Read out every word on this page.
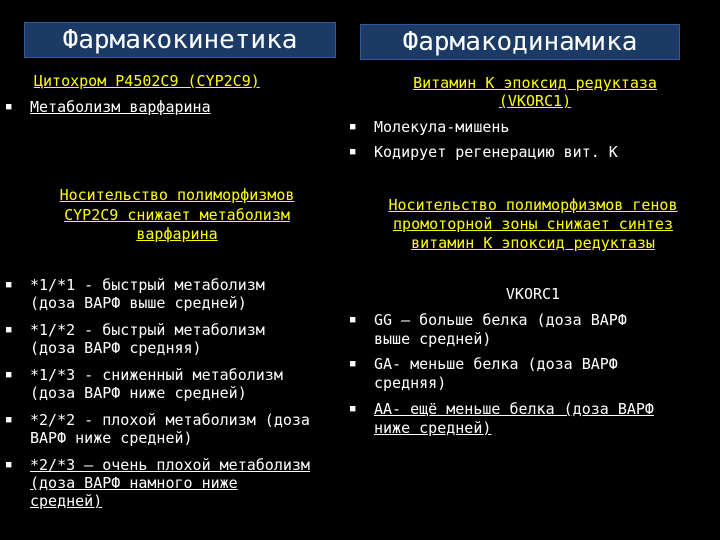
Фармакокинетика	Фармакодинамика
Цитохром P4502C9 (CYP2C9)
■ Метаболизм варфарина
Носительство полиморфизмов
CYP2C9 снижает метаболизм
варфарина
■ *1/*1 - быстрый метаболизм
(доза ВАРФ выше средней)
■ *1/*2 - быстрый метаболизм
(доза ВАРФ средняя)
■ *1/*3 - сниженный метаболизм
(доза ВАРФ ниже средней)
■ *2/*2 - плохой метаболизм (доза
ВАРФ ниже средней)
■ *2/*3 – очень плохой метаболизм
(доза ВАРФ намного ниже
средней)
Витамин К эпоксид редуктаза
(VKORC1)
■ Молекула-мишень
■ Кодирует регенерацию вит. К
Носительство полиморфизмов генов
промоторной зоны снижает синтез
витамин К эпоксид редуктазы
VKORC1
■ GG – больше белка (доза ВАРФ
выше средней)
■ GA- меньше белка (доза ВАРФ
средняя)
■ AA- ещё меньше белка (доза ВАРФ
ниже средней)
